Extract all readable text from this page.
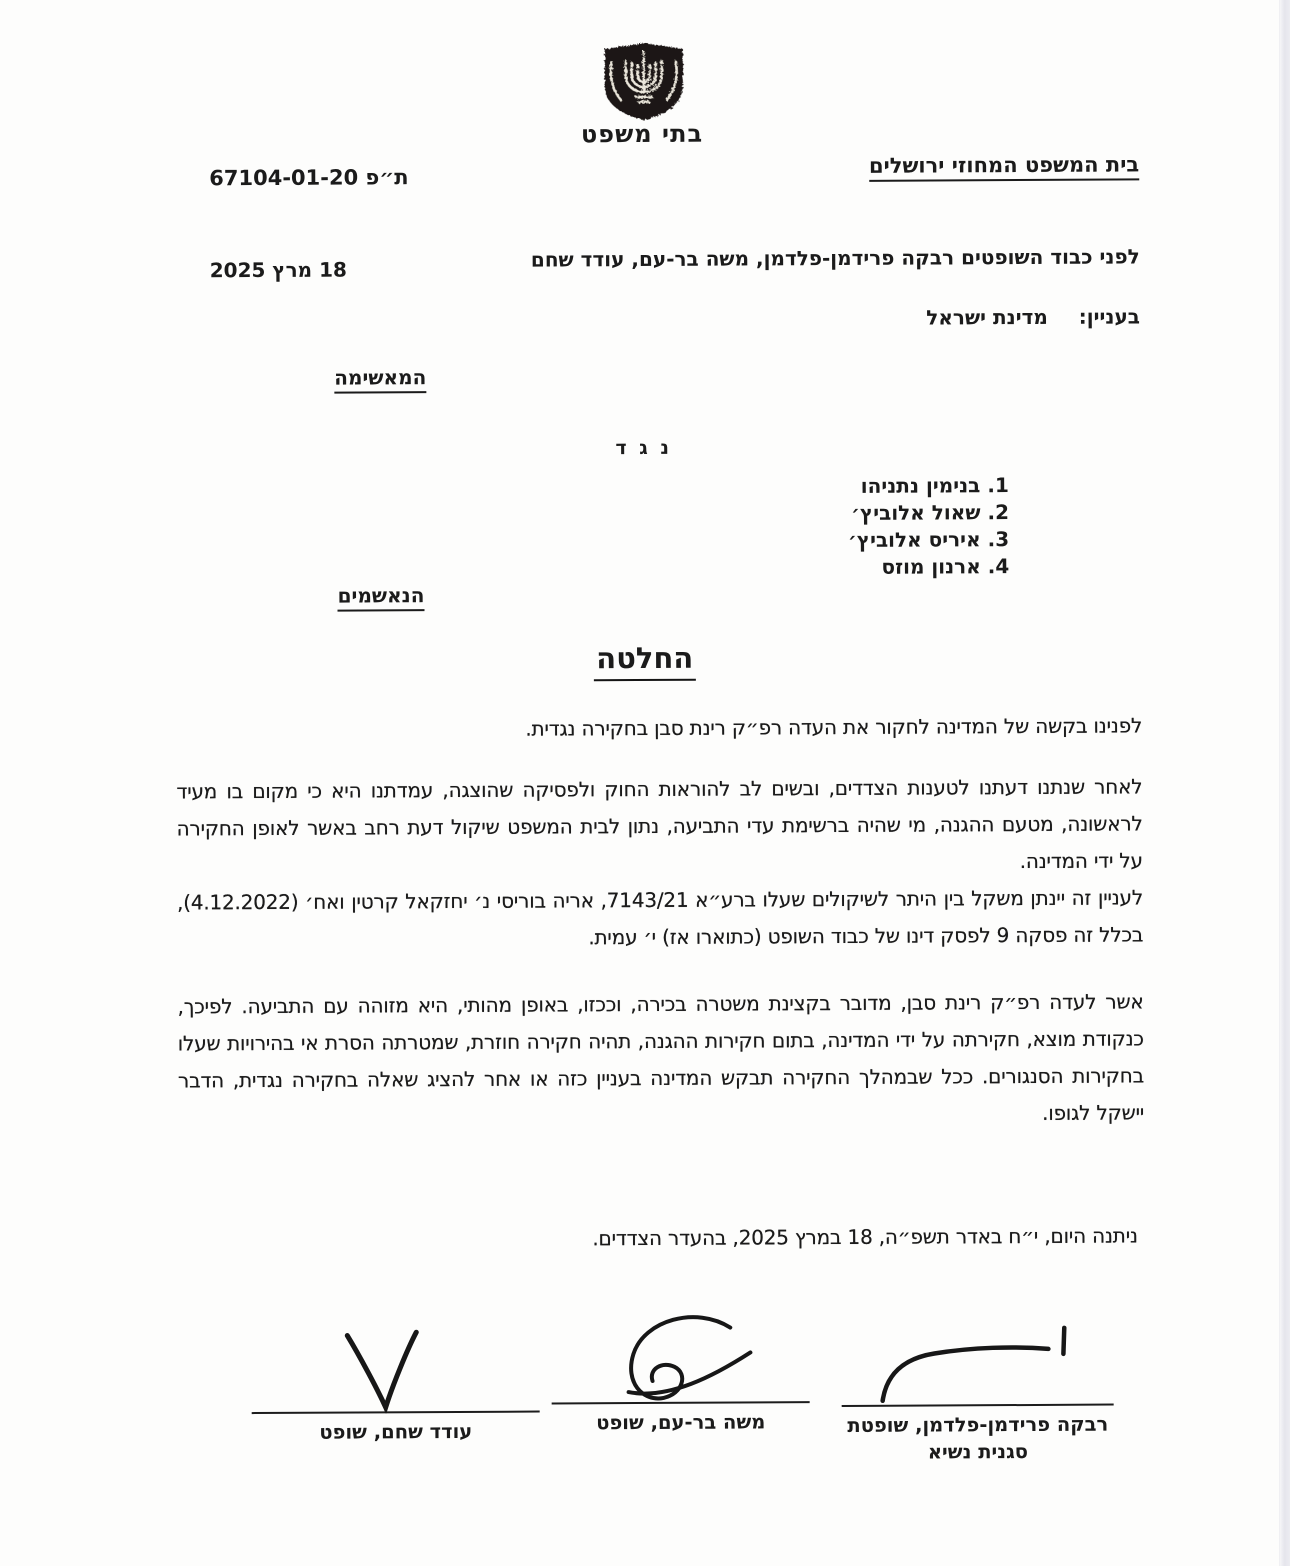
בתי משפט
בית המשפט המחוזי ירושלים
ת״פ 67104-01-20
לפני כבוד השופטים רבקה פרידמן-פלדמן, משה בר-עם, עודד שחם
18 מרץ 2025
בעניין: מדינת ישראל
המאשימה
נ ג ד
1.בנימין נתניהו
2.שאול אלוביץ׳
3.איריס אלוביץ׳
4.ארנון מוזס
הנאשמים
החלטה

לפנינו בקשה של המדינה לחקור את העדה רפ״ק רינת סבן בחקירה נגדית.

לאחר שנתנו דעתנו לטענות הצדדים, ובשים לב להוראות החוק ולפסיקה שהוצגה, עמדתנו היא כי מקום בו מעיד לראשונה, מטעם ההגנה, מי שהיה ברשימת עדי התביעה, נתון לבית המשפט שיקול דעת רחב באשר לאופן החקירה על ידי המדינה.

לעניין זה יינתן משקל בין היתר לשיקולים שעלו ברע״א 7143/21, אריה בוריסי נ׳ יחזקאל קרטין ואח׳ (4.12.2022), בכלל זה פסקה 9 לפסק דינו של כבוד השופט (כתוארו אז) י׳ עמית.

אשר לעדה רפ״ק רינת סבן, מדובר בקצינת משטרה בכירה, וככזו, באופן מהותי, היא מזוהה עם התביעה. לפיכך, כנקודת מוצא, חקירתה על ידי המדינה, בתום חקירות ההגנה, תהיה חקירה חוזרת, שמטרתה הסרת אי בהירויות שעלו בחקירות הסנגורים. ככל שבמהלך החקירה תבקש המדינה בעניין כזה או אחר להציג שאלה בחקירה נגדית, הדבר יישקל לגופו.

ניתנה היום, י״ח באדר תשפ״ה, 18 במרץ 2025, בהעדר הצדדים.
רבקה פרידמן-פלדמן, שופטת
סגנית נשיא
משה בר-עם, שופט
עודד שחם, שופט
